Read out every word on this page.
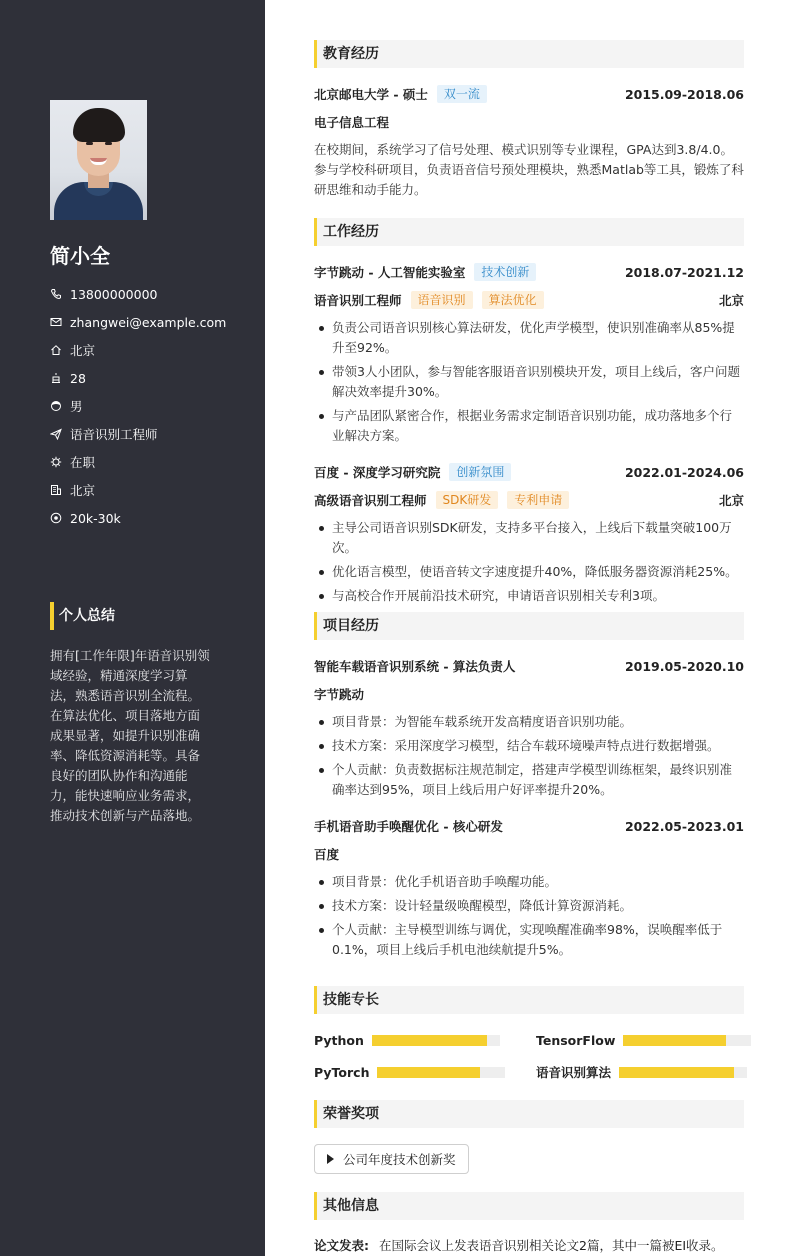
简小全
13800000000
zhangwei@example.com
北京
28
男
语音识别工程师
在职
北京
20k-30k
个人总结
拥有[工作年限]年语音识别领域经验，精通深度学习算法，熟悉语音识别全流程。在算法优化、项目落地方面成果显著，如提升识别准确率、降低资源消耗等。具备良好的团队协作和沟通能力，能快速响应业务需求，推动技术创新与产品落地。
教育经历
北京邮电大学 - 硕士	双一流	2015.09-2018.06
电子信息工程
在校期间，系统学习了信号处理、模式识别等专业课程，GPA达到3.8/4.0。参与学校科研项目，负责语音信号预处理模块，熟悉Matlab等工具，锻炼了科研思维和动手能力。
工作经历
字节跳动 - 人工智能实验室	技术创新	2018.07-2021.12
语音识别工程师	语音识别	算法优化	北京
负责公司语音识别核心算法研发，优化声学模型，使识别准确率从85%提升至92%。
带领3人小团队，参与智能客服语音识别模块开发，项目上线后，客户问题解决效率提升30%。
与产品团队紧密合作，根据业务需求定制语音识别功能，成功落地多个行业解决方案。
百度 - 深度学习研究院	创新氛围	2022.01-2024.06
高级语音识别工程师	SDK研发	专利申请	北京
主导公司语音识别SDK研发，支持多平台接入，上线后下载量突破100万次。
优化语言模型，使语音转文字速度提升40%，降低服务器资源消耗25%。
与高校合作开展前沿技术研究，申请语音识别相关专利3项。
项目经历
智能车载语音识别系统 - 算法负责人	2019.05-2020.10
字节跳动
项目背景：为智能车载系统开发高精度语音识别功能。
技术方案：采用深度学习模型，结合车载环境噪声特点进行数据增强。
个人贡献：负责数据标注规范制定，搭建声学模型训练框架，最终识别准确率达到95%，项目上线后用户好评率提升20%。
手机语音助手唤醒优化 - 核心研发	2022.05-2023.01
百度
项目背景：优化手机语音助手唤醒功能。
技术方案：设计轻量级唤醒模型，降低计算资源消耗。
个人贡献：主导模型训练与调优，实现唤醒准确率98%，误唤醒率低于0.1%，项目上线后手机电池续航提升5%。
技能专长
Python	TensorFlow
PyTorch	语音识别算法
荣誉奖项
公司年度技术创新奖
其他信息
论文发表: 在国际会议上发表语音识别相关论文2篇，其中一篇被EI收录。
